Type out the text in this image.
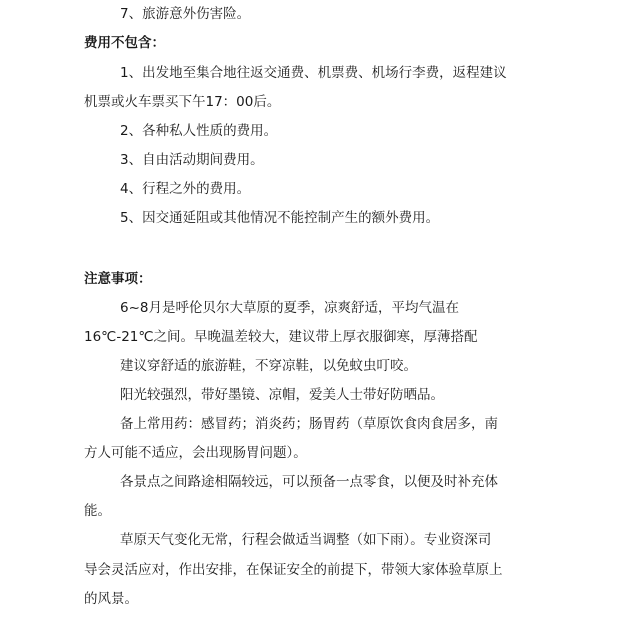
7、旅游意外伤害险。
费用不包含：
1、出发地至集合地往返交通费、机票费、机场行李费，返程建议
机票或火车票买下午17：00后。
2、各种私人性质的费用。
3、自由活动期间费用。
4、行程之外的费用。
5、因交通延阻或其他情况不能控制产生的额外费用。
注意事项：
6~8月是呼伦贝尔大草原的夏季，凉爽舒适，平均气温在
16℃-21℃之间。早晚温差较大，建议带上厚衣服御寒，厚薄搭配
建议穿舒适的旅游鞋，不穿凉鞋，以免蚊虫叮咬。
阳光较强烈，带好墨镜、凉帽，爱美人士带好防晒品。
备上常用药：感冒药；消炎药；肠胃药（草原饮食肉食居多，南
方人可能不适应，会出现肠胃问题）。
各景点之间路途相隔较远，可以预备一点零食，以便及时补充体
能。
草原天气变化无常，行程会做适当调整（如下雨）。专业资深司
导会灵活应对，作出安排，在保证安全的前提下，带领大家体验草原上
的风景。
